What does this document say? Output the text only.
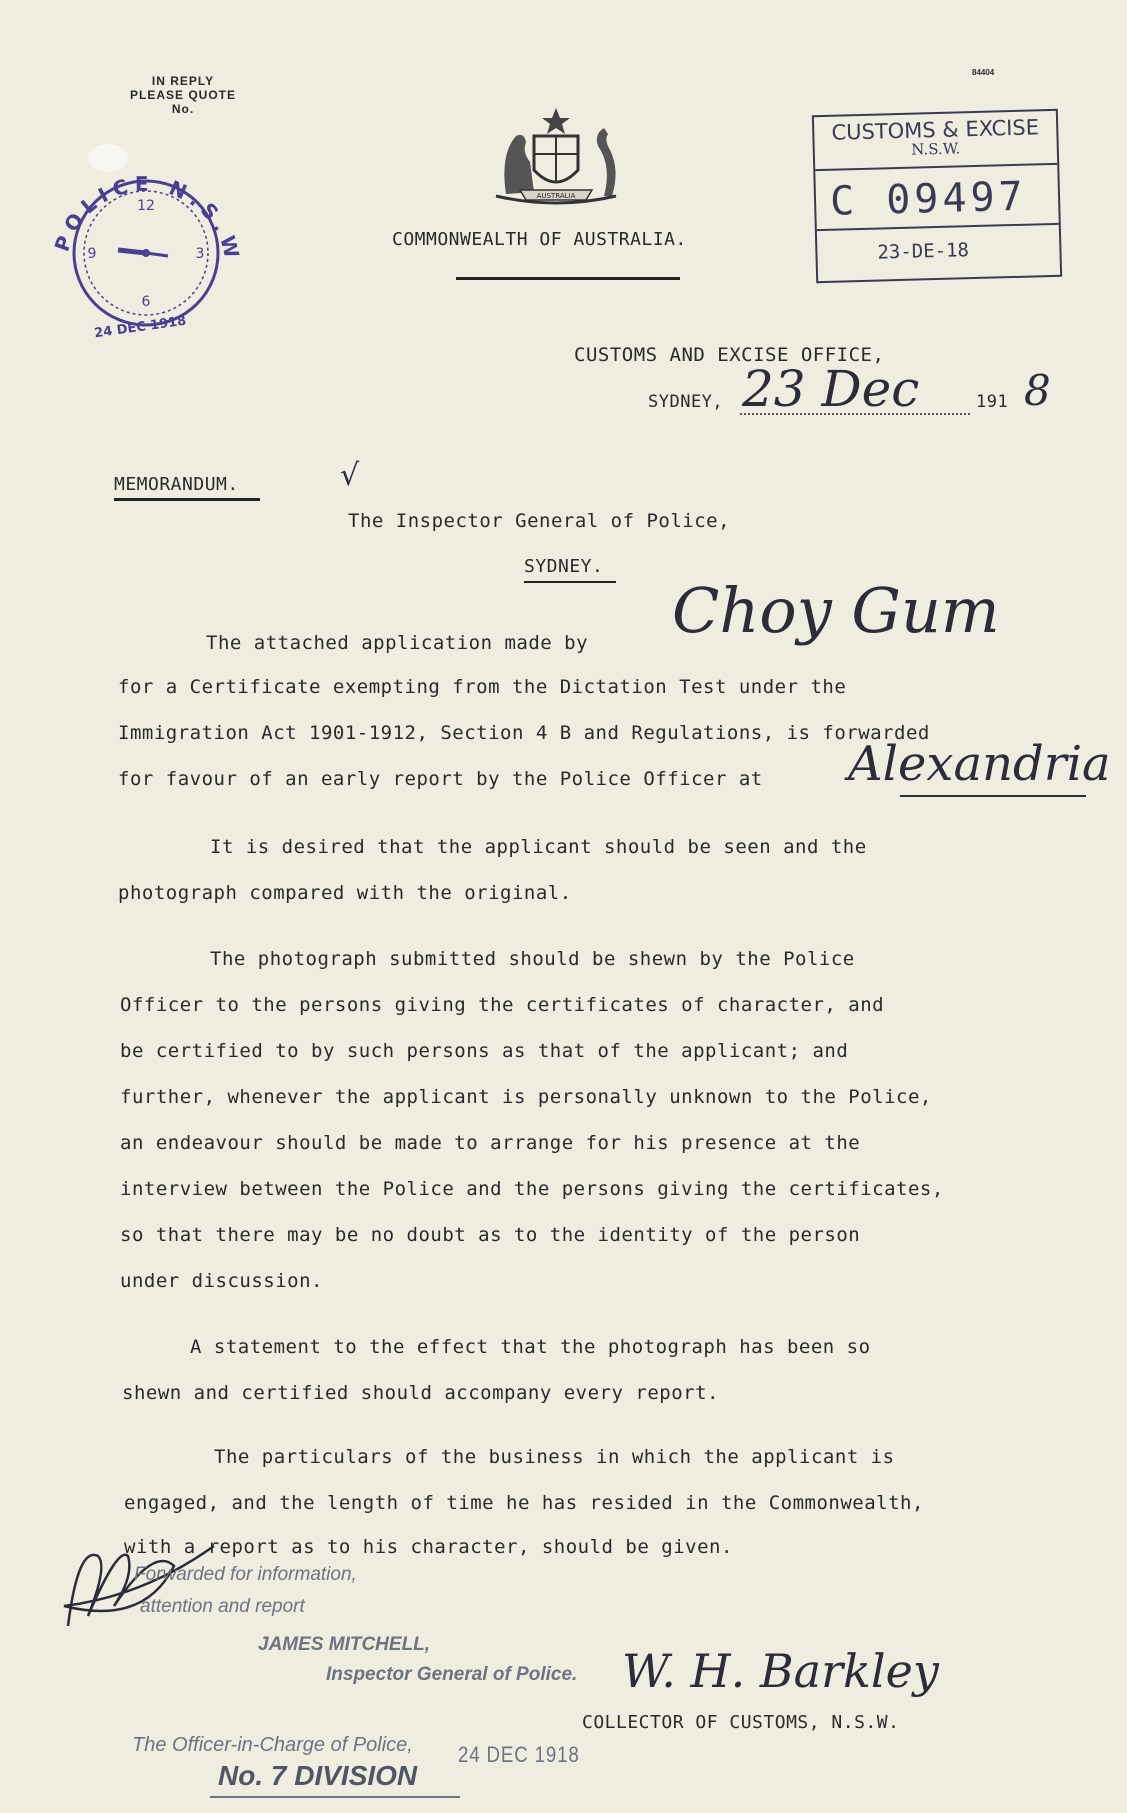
IN REPLY
PLEASE QUOTE
No.
84404
POLICE N.S.W
12
3
6
9
24 DEC 1918
AUSTRALIA
COMMONWEALTH OF AUSTRALIA.
CUSTOMS & EXCISE
N.S.W.
C 09497
23-DE-18
CUSTOMS AND EXCISE OFFICE,
SYDNEY, 23 Dec	191 8
MEMORANDUM.	√
The Inspector General of Police,
SYDNEY.
The attached application made by Choy Gum
for a Certificate exempting from the Dictation Test under the
Immigration Act 1901-1912, Section 4 B and Regulations, is forwarded
for favour of an early report by the Police Officer at Alexandria
It is desired that the applicant should be seen and the
photograph compared with the original.
The photograph submitted should be shewn by the Police
Officer to the persons giving the certificates of character, and
be certified to by such persons as that of the applicant; and
further, whenever the applicant is personally unknown to the Police,
an endeavour should be made to arrange for his presence at the
interview between the Police and the persons giving the certificates,
so that there may be no doubt as to the identity of the person
under discussion.
A statement to the effect that the photograph has been so
shewn and certified should accompany every report.
The particulars of the business in which the applicant is
engaged, and the length of time he has resided in the Commonwealth,
with a report as to his character, should be given.
Forwarded for information,
attention and report
JAMES MITCHELL,
Inspector General of Police.
The Officer-in-Charge of Police,
No. 7 DIVISION
24 DEC 1918
W. H. Barkley
COLLECTOR OF CUSTOMS, N.S.W.
